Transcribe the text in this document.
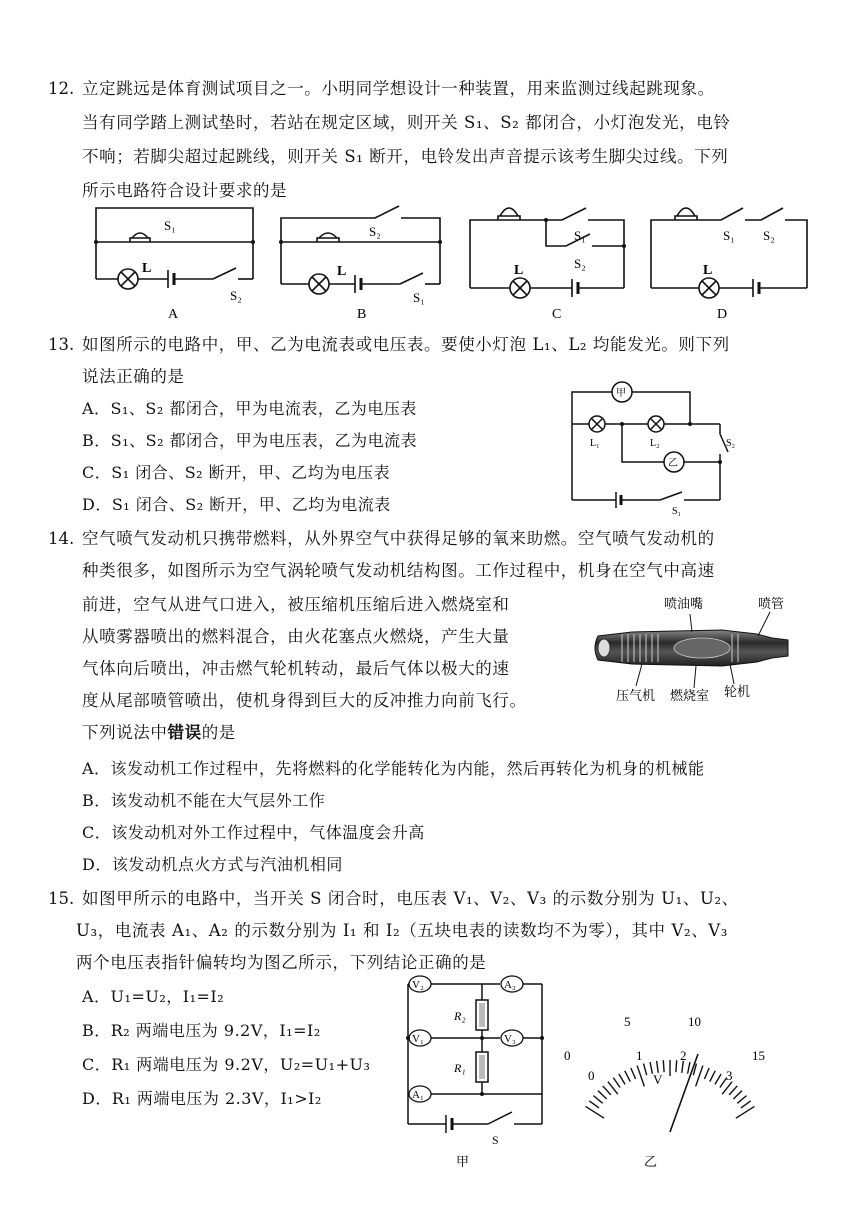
12. 立定跳远是体育测试项目之一。小明同学想设计一种装置，用来监测过线起跳现象。
当有同学踏上测试垫时，若站在规定区域，则开关 S₁、S₂ 都闭合，小灯泡发光，电铃
不响；若脚尖超过起跳线，则开关 S₁ 断开，电铃发出声音提示该考生脚尖过线。下列
所示电路符合设计要求的是
S₁
L
S₂
A
S₂
L
S₁
B
S₁
S₂
L
C
S₁ S₂
L
D
13. 如图所示的电路中，甲、乙为电流表或电压表。要使小灯泡 L₁、L₂ 均能发光。则下列
说法正确的是
A．S₁、S₂ 都闭合，甲为电流表，乙为电压表
B．S₁、S₂ 都闭合，甲为电压表，乙为电流表
C．S₁ 闭合、S₂ 断开，甲、乙均为电压表
D．S₁ 闭合、S₂ 断开，甲、乙均为电流表
甲
乙
L₁	L₂	S₂
S₁
14. 空气喷气发动机只携带燃料，从外界空气中获得足够的氧来助燃。空气喷气发动机的
种类很多，如图所示为空气涡轮喷气发动机结构图。工作过程中，机身在空气中高速
前进，空气从进气口进入，被压缩机压缩后进入燃烧室和
从喷雾器喷出的燃料混合，由火花塞点火燃烧，产生大量
气体向后喷出，冲击燃气轮机转动，最后气体以极大的速
度从尾部喷管喷出，使机身得到巨大的反冲推力向前飞行。
下列说法中错误的是
A．该发动机工作过程中，先将燃料的化学能转化为内能，然后再转化为机身的机械能
B．该发动机不能在大气层外工作
C．该发动机对外工作过程中，气体温度会升高
D．该发动机点火方式与汽油机相同
喷油嘴	喷管
压气机 燃烧室 轮机
15. 如图甲所示的电路中，当开关 S 闭合时，电压表 V₁、V₂、V₃ 的示数分别为 U₁、U₂、
U₃，电流表 A₁、A₂ 的示数分别为 I₁ 和 I₂（五块电表的读数均不为零），其中 V₂、V₃
两个电压表指针偏转均为图乙所示，下列结论正确的是
A．U₁=U₂，I₁=I₂
B．R₂ 两端电压为 9.2V，I₁=I₂
C．R₁ 两端电压为 9.2V，U₂=U₁+U₃
D．R₁ 两端电压为 2.3V，I₁>I₂
V₂	A₂
V₁	V₃
A₁
R₂
R₁
S
甲
0
5	10
15
0
1	2
3
V
乙
